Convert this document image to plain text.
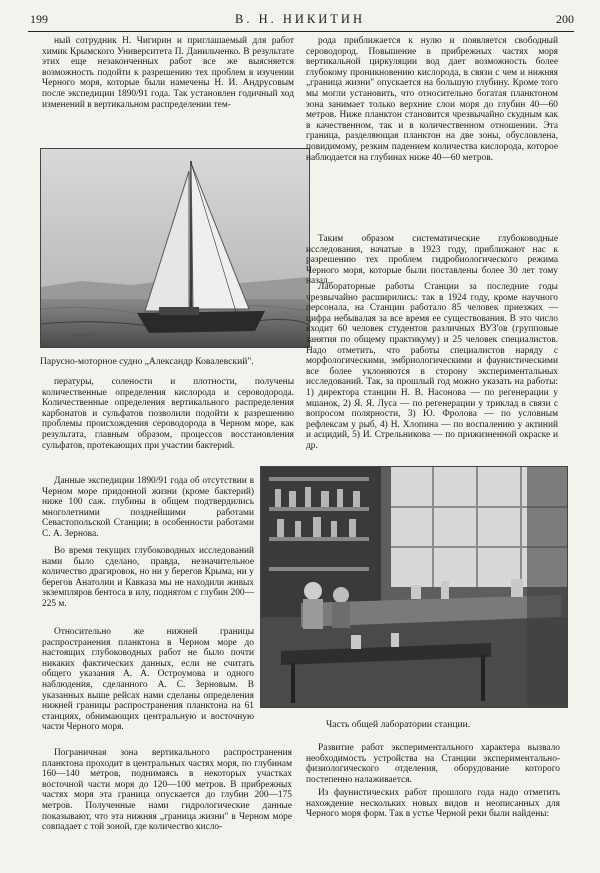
199	В. Н. НИКИТИН	200

ный сотрудник Н. Чигирин и приглашаемый для работ химик Крымского Университета П. Данильченко. В результате этих еще незаконченных работ все же выясняется возможность подойти к разрешению тех проблем в изучении Черного моря, которые были намечены Н. И. Андрусовым после экспедиции 1890/91 года. Так установлен годичный ход изменений в вертикальном распределении тем-

Парусно-моторное судно „Александр Ковалевский".

пературы, солености и плотности, получены количественные определения кислорода и сероводорода. Количественные определения вертикального распределения карбонатов и сульфатов позволили подойти к разрешению проблемы происхождения сероводорода в Черном море, как результата, главным образом, процессов восстановления сульфатов, протекающих при участии бактерий.

Данные экспедиции 1890/91 года об отсутствии в Черном море придонной жизни (кроме бактерий) ниже 100 саж. глубины в общем подтвердились многолетними позднейшими работами Севастопольской Станции; в особенности работами С. А. Зернова.

Во время текущих глубоководных исследований нами было сделано, правда, незначительное количество драгировок, но ни у берегов Крыма, ни у берегов Анатолии и Кавказа мы не находили живых экземпляров бентоса в илу, поднятом с глубин 200—225 м.

Относительно же нижней границы распространения планктона в Черном море до настоящих глубоководных работ не было почти никаких фактических данных, если не считать общего указания А. А. Остроумова и одного наблюдения, сделанного А. С. Зерновым. В указанных выше рейсах нами сделаны определения нижней границы распространения планктона на 61 станциях, обнимающих центральную и восточную части Черного моря.

Пограничная зона вертикального распространения планктона проходит в центральных частях моря, по глубинам 160—140 метров, поднимаясь в некоторых участках восточной части моря до 120—100 метров. В прибрежных частях моря эта граница опускается до глубин 200—175 метров. Полученные нами гидрологические данные показывают, что эта нижняя „граница жизни" в Черном море совпадает с той зоной, где количество кисло-

рода приближается к нулю и появляется свободный сероводород. Повышение в прибрежных частях моря вертикальной циркуляции вод дает возможность более глубокому проникновению кислорода, в связи с чем и нижняя „граница жизни" опускается на большую глубину. Кроме того мы могли установить, что относительно богатая планктоном зона занимает только верхние слои моря до глубин 40—60 метров. Ниже планктон становится чрезвычайно скудным как в качественном, так и в количественном отношении. Эта граница, разделяющая планктон на две зоны, обусловлена, повидимому, резким падением количества кислорода, которое наблюдается на глубинах ниже 40—60 метров.

Таким образом систематические глубоководные исследования, начатые в 1923 году, приближают нас к разрешению тех проблем гидробиологического режима Черного моря, которые были поставлены более 30 лет тому назад.

Лабораторные работы Станции за последние годы чрезвычайно расширились: так в 1924 году, кроме научного персонала, на Станции работало 85 человек приезжих — цифра небывалая за все время ее существования. В это число входит 60 человек студентов различных ВУЗ'ов (групповые занятия по общему практикуму) и 25 человек специалистов. Надо отметить, что работы специалистов наряду с морфологическими, эмбриологическими и фаунистическими все более уклоняются в сторону экспериментальных исследований. Так, за прошлый год можно указать на работы: 1) директора станции Н. В. Насонова — по регенерации у мшанок, 2) Я. Я. Луса — по регенерации у триклад в связи с вопросом полярности, 3) Ю. Фролова — по условным рефлексам у рыб, 4) Н. Хлопина — по воспалению у актиний и асцидий, 5) И. Стрельникова — по прижизненной окраске и др.

Часть общей лаборатории станции.

Развитие работ экспериментального характера вызвало необходимость устройства на Станции экспериментально-физиологического отделения, оборудование которого постепенно налаживается.

Из фаунистических работ прошлого года надо отметить нахождение нескольких новых видов и неописанных для Черного моря форм. Так в устье Черной реки были найдены:
